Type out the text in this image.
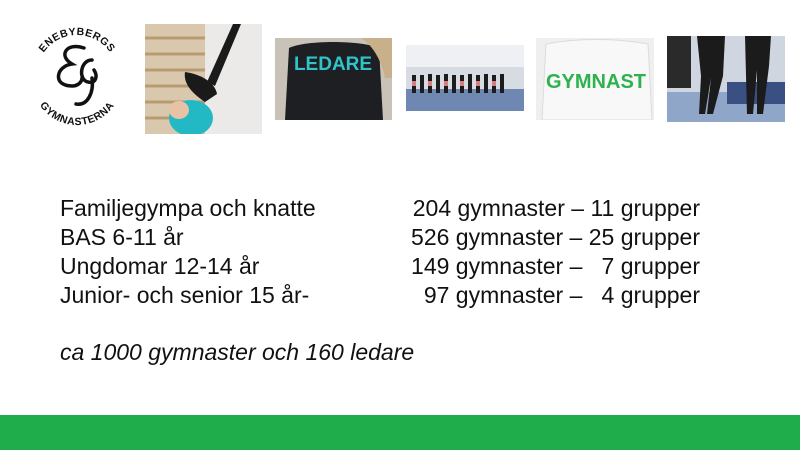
ENEBYBERGS
GYMNASTERNA
LEDARE
GYMNAST
Familjegympa och knatte	204 gymnaster – 11 grupper
BAS 6-11 år	526 gymnaster – 25 grupper
Ungdomar 12-14 år	149 gymnaster –   7 grupper
Junior- och senior 15 år-	97 gymnaster –   4 grupper
ca 1000 gymnaster och 160 ledare
